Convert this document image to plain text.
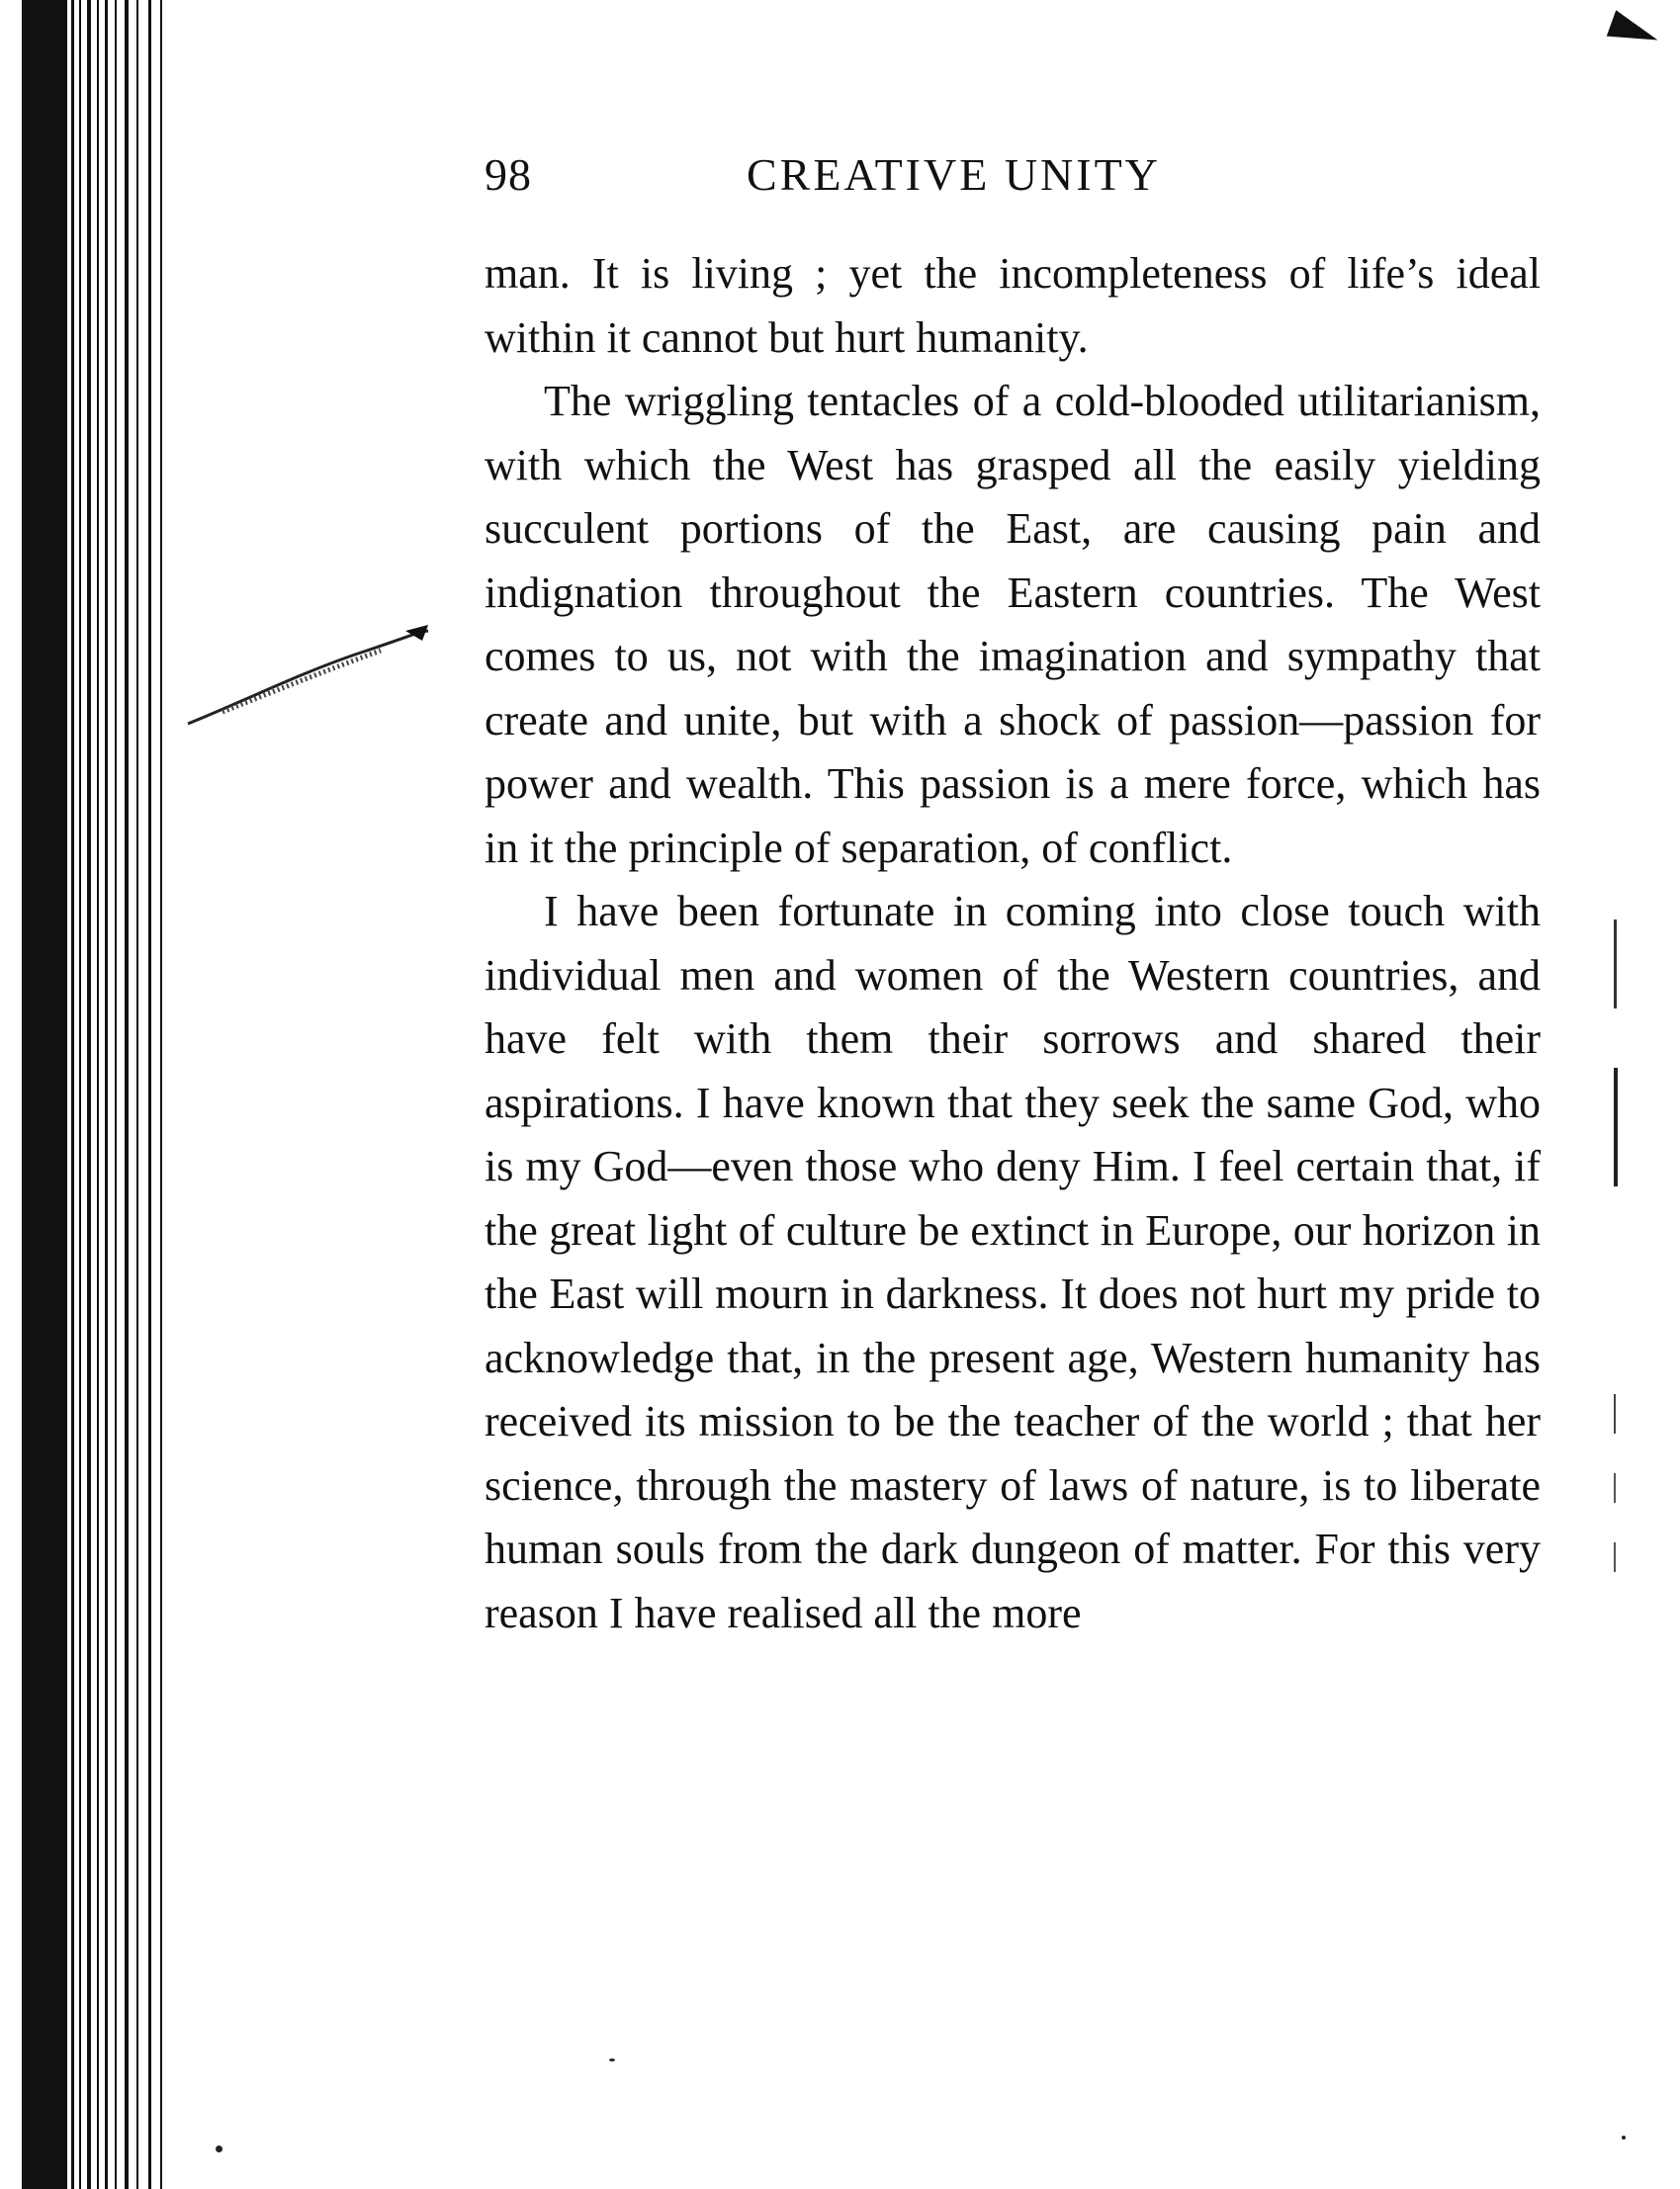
98	CREATIVE UNITY

man. It is living ; yet the incompleteness of life’s ideal within it cannot but hurt humanity.

The wriggling tentacles of a cold-blooded utilitarianism, with which the West has grasped all the easily yielding succulent portions of the East, are causing pain and indignation throughout the Eastern countries. The West comes to us, not with the imagination and sympathy that create and unite, but with a shock of passion—passion for power and wealth. This passion is a mere force, which has in it the principle of separation, of conflict.

I have been fortunate in coming into close touch with individual men and women of the Western countries, and have felt with them their sorrows and shared their aspirations. I have known that they seek the same God, who is my God—even those who deny Him. I feel certain that, if the great light of culture be extinct in Europe, our horizon in the East will mourn in darkness. It does not hurt my pride to acknowledge that, in the present age, Western humanity has received its mission to be the teacher of the world ; that her science, through the mastery of laws of nature, is to liberate human souls from the dark dungeon of matter. For this very reason I have realised all the more
